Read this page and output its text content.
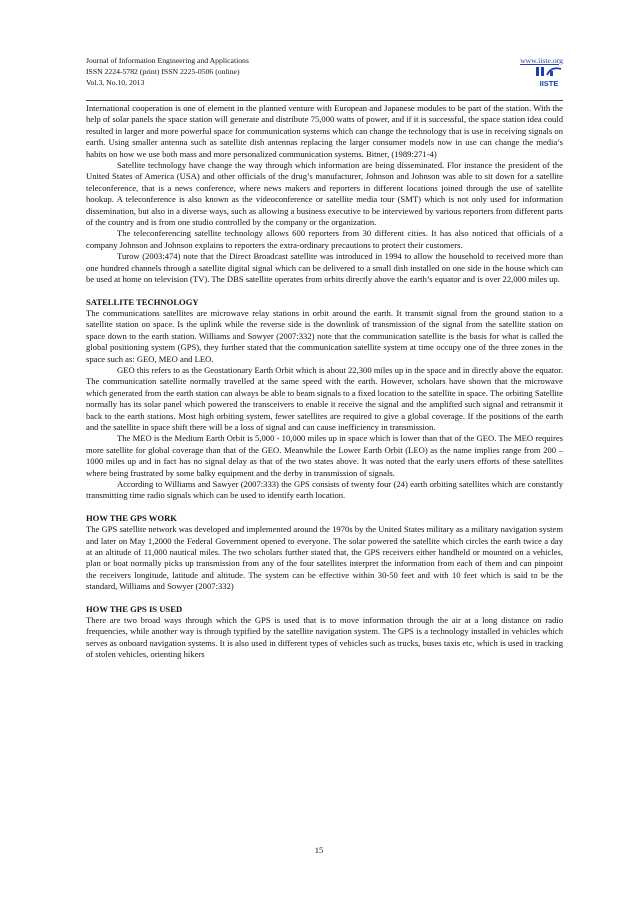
Journal of Information Engineering and Applications
ISSN 2224-5782 (print) ISSN 2225-0506 (online)
Vol.3, No.10, 2013
www.iiste.org
IISTE

International cooperation is one of element in the planned venture with European and Japanese modules to be part of the station. With the help of solar panels the space station will generate and distribute 75,000 watts of power, and if it is successful, the space station idea could resulted in larger and more powerful space for communication systems which can change the technology that is use in receiving signals on earth. Using smaller antenna such as satellite dish antennas replacing the larger consumer models now in use can change the media’s habits on how we use both mass and more personalized communication systems. Bitner, (1989:271-4)

Satellite technology have change the way through which information are being disseminated. Flor instance the president of the United States of America (USA) and other officials of the drug’s manufacturer, Johnson and Johnson was able to sit down for a satellite teleconference, that is a news conference, where news makers and reporters in different locations joined through the use of satellite hookup. A teleconference is also known as the videoconference or satellite media tour (SMT) which is not only used for information dissemination, but also in a diverse ways, such as allowing a business executive to be interviewed by various reporters from different parts of the country and is from one studio controlled by the company or the organization.

The teleconferencing satellite technology allows 600 reporters from 30 different cities. It has also noticed that officials of a company Johnson and Johnson explains to reporters the extra-ordinary precautions to protect their customers.

Turow (2003:474) note that the Direct Broadcast satellite was introduced in 1994 to allow the household to received more than one hundred channels through a satellite digital signal which can be delivered to a small dish installed on one side in the house which can be used at home on television (TV). The DBS satellite operates from orbits directly above the earth’s equator and is over 22,000 miles up.

SATELLITE TECHNOLOGY

The communications satellites are microwave relay stations in orbit around the earth. It transmit signal from the ground station to a satellite station on space. Is the uplink while the reverse side is the downlink of transmission of the signal from the satellite station on space down to the earth station. Williams and Sowyer (2007:332) note that the communication satellite is the basis for what is called the global positioning system (GPS), they further stated that the communication satellite system at time occupy one of the three zones in the space such as: GEO, MEO and LEO.

GEO this refers to as the Geostationary Earth Orbit which is about 22,300 miles up in the space and in directly above the equator. The communication satellite normally travelled at the same speed with the earth. However, scholars have shown that the microwave which generated from the earth station can always be able to beam signals to a fixed location to the satellite in space. The orbiting Satellite normally has its solar panel which powered the transceivers to enable it receive the signal and the amplified such signal and retransmit it back to the earth stations. Most high orbiting system, fewer satellites are required to give a global coverage. If the positions of the earth and the satellite in space shift there will be a loss of signal and can cause inefficiency in transmission.

The MEO is the Medium Earth Orbit is 5,000 - 10,000 miles up in space which is lower than that of the GEO. The MEO requires more satellite for global coverage than that of the GEO. Meanwhile the Lower Earth Orbit (LEO) as the name implies range from 200 – 1000 miles up and in fact has no signal delay as that of the two states above. It was noted that the early users efforts of these satellites where being frustrated by some balky equipment and the derby in transmission of signals.

According to Williams and Sawyer (2007:333) the GPS consists of twenty four (24) earth orbiting satellites which are constantly transmitting time radio signals which can be used to identify earth location.

HOW THE GPS WORK

The GPS satellite network was developed and implemented around the 1970s by the United States military as a military navigation system and later on May 1,2000 the Federal Government opened to everyone. The solar powered the satellite which circles the earth twice a day at an altitude of 11,000 nautical miles. The two scholars further stated that, the GPS receivers either handheld or mounted on a vehicles, plan or boat normally picks up transmission from any of the four satellites interpret the information from each of them and can pinpoint the receivers longitude, latitude and altitude. The system can be effective within 30-50 feet and with 10 feet which is said to be the standard, Williams and Sowyer (2007:332)

HOW THE GPS IS USED

There are two broad ways through which the GPS is used that is to move information through the air at a long distance on radio frequencies, while another way is through typified by the satellite navigation system. The GPS is a technology installed in vehicles which serves as onboard navigation systems. It is also used in different types of vehicles such as trucks, buses taxis etc, which is used in tracking of stolen vehicles, orienting hikers

15
